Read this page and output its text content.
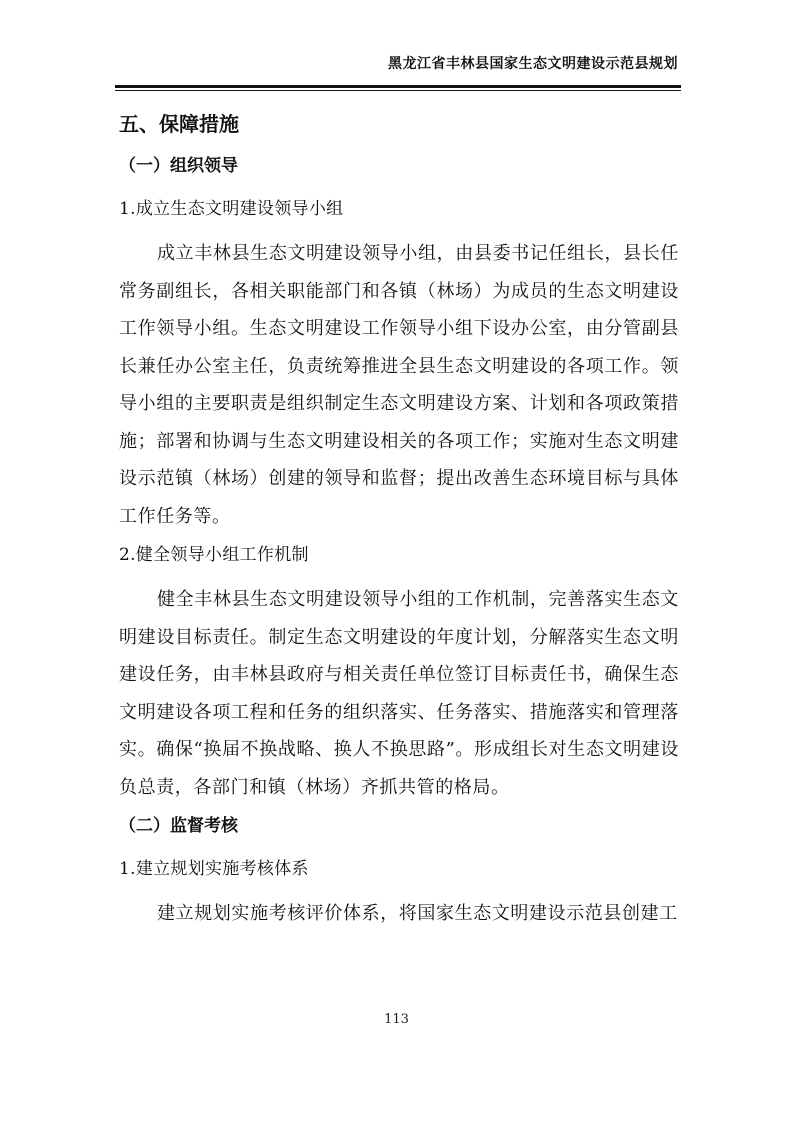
黑龙江省丰林县国家生态文明建设示范县规划
五、保障措施
（一）组织领导
1.成立生态文明建设领导小组

成立丰林县生态文明建设领导小组，由县委书记任组长，县长任常务副组长，各相关职能部门和各镇（林场）为成员的生态文明建设工作领导小组。生态文明建设工作领导小组下设办公室，由分管副县长兼任办公室主任，负责统筹推进全县生态文明建设的各项工作。领导小组的主要职责是组织制定生态文明建设方案、计划和各项政策措施；部署和协调与生态文明建设相关的各项工作；实施对生态文明建设示范镇（林场）创建的领导和监督；提出改善生态环境目标与具体工作任务等。

2.健全领导小组工作机制

健全丰林县生态文明建设领导小组的工作机制，完善落实生态文明建设目标责任。制定生态文明建设的年度计划，分解落实生态文明建设任务，由丰林县政府与相关责任单位签订目标责任书，确保生态文明建设各项工程和任务的组织落实、任务落实、措施落实和管理落实。确保“换届不换战略、换人不换思路”。形成组长对生态文明建设负总责，各部门和镇（林场）齐抓共管的格局。

（二）监督考核
1.建立规划实施考核体系

建立规划实施考核评价体系，将国家生态文明建设示范县创建工

113
